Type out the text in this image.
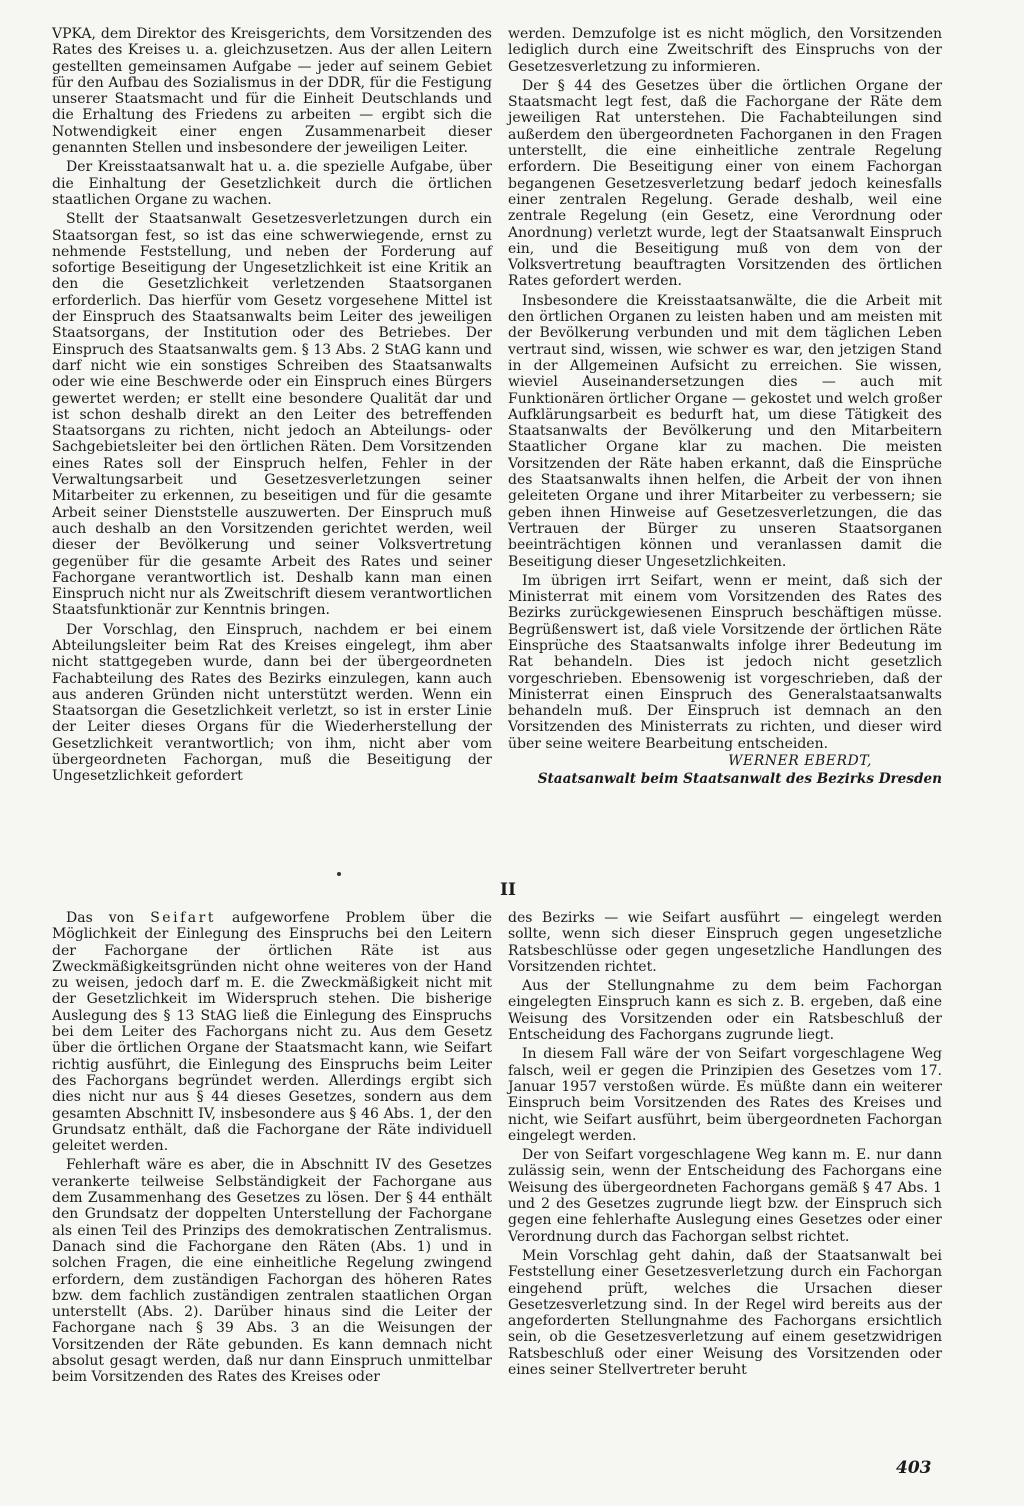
VPKA, dem Direktor des Kreisgerichts, dem Vorsitzenden des Rates des Kreises u. a. gleichzusetzen. Aus der allen Leitern gestellten gemeinsamen Aufgabe — jeder auf seinem Gebiet für den Aufbau des Sozialismus in der DDR, für die Festigung unserer Staatsmacht und für die Einheit Deutschlands und die Erhaltung des Friedens zu arbeiten — ergibt sich die Notwendigkeit einer engen Zusammenarbeit dieser genannten Stellen und insbesondere der jeweiligen Leiter.

Der Kreisstaatsanwalt hat u. a. die spezielle Aufgabe, über die Einhaltung der Gesetzlichkeit durch die örtlichen staatlichen Organe zu wachen.

Stellt der Staatsanwalt Gesetzesverletzungen durch ein Staatsorgan fest, so ist das eine schwerwiegende, ernst zu nehmende Feststellung, und neben der Forderung auf sofortige Beseitigung der Ungesetzlichkeit ist eine Kritik an den die Gesetzlichkeit verletzenden Staatsorganen erforderlich. Das hierfür vom Gesetz vorgesehene Mittel ist der Einspruch des Staatsanwalts beim Leiter des jeweiligen Staatsorgans, der Institution oder des Betriebes. Der Einspruch des Staatsanwalts gem. § 13 Abs. 2 StAG kann und darf nicht wie ein sonstiges Schreiben des Staatsanwalts oder wie eine Beschwerde oder ein Einspruch eines Bürgers gewertet werden; er stellt eine besondere Qualität dar und ist schon deshalb direkt an den Leiter des betreffenden Staatsorgans zu richten, nicht jedoch an Abteilungs- oder Sachgebietsleiter bei den örtlichen Räten. Dem Vorsitzenden eines Rates soll der Einspruch helfen, Fehler in der Verwaltungsarbeit und Gesetzesverletzungen seiner Mitarbeiter zu erkennen, zu beseitigen und für die gesamte Arbeit seiner Dienststelle auszuwerten. Der Einspruch muß auch deshalb an den Vorsitzenden gerichtet werden, weil dieser der Bevölkerung und seiner Volksvertretung gegenüber für die gesamte Arbeit des Rates und seiner Fachorgane verantwortlich ist. Deshalb kann man einen Einspruch nicht nur als Zweitschrift diesem verantwortlichen Staatsfunktionär zur Kenntnis bringen.

Der Vorschlag, den Einspruch, nachdem er bei einem Abteilungsleiter beim Rat des Kreises eingelegt, ihm aber nicht stattgegeben wurde, dann bei der übergeordneten Fachabteilung des Rates des Bezirks einzulegen, kann auch aus anderen Gründen nicht unterstützt werden. Wenn ein Staatsorgan die Gesetzlichkeit verletzt, so ist in erster Linie der Leiter dieses Organs für die Wiederherstellung der Gesetzlichkeit verantwortlich; von ihm, nicht aber vom übergeordneten Fachorgan, muß die Beseitigung der Ungesetzlichkeit gefordert

werden. Demzufolge ist es nicht möglich, den Vorsitzenden lediglich durch eine Zweitschrift des Einspruchs von der Gesetzesverletzung zu informieren.

Der § 44 des Gesetzes über die örtlichen Organe der Staatsmacht legt fest, daß die Fachorgane der Räte dem jeweiligen Rat unterstehen. Die Fachabteilungen sind außerdem den übergeordneten Fachorganen in den Fragen unterstellt, die eine einheitliche zentrale Regelung erfordern. Die Beseitigung einer von einem Fachorgan begangenen Gesetzesverletzung bedarf jedoch keinesfalls einer zentralen Regelung. Gerade deshalb, weil eine zentrale Regelung (ein Gesetz, eine Verordnung oder Anordnung) verletzt wurde, legt der Staatsanwalt Einspruch ein, und die Beseitigung muß von dem von der Volksvertretung beauftragten Vorsitzenden des örtlichen Rates gefordert werden.

Insbesondere die Kreisstaatsanwälte, die die Arbeit mit den örtlichen Organen zu leisten haben und am meisten mit der Bevölkerung verbunden und mit dem täglichen Leben vertraut sind, wissen, wie schwer es war, den jetzigen Stand in der Allgemeinen Aufsicht zu erreichen. Sie wissen, wieviel Auseinandersetzungen dies — auch mit Funktionären örtlicher Organe — gekostet und welch großer Aufklärungsarbeit es bedurft hat, um diese Tätigkeit des Staatsanwalts der Bevölkerung und den Mitarbeitern Staatlicher Organe klar zu machen. Die meisten Vorsitzenden der Räte haben erkannt, daß die Einsprüche des Staatsanwalts ihnen helfen, die Arbeit der von ihnen geleiteten Organe und ihrer Mitarbeiter zu verbessern; sie geben ihnen Hinweise auf Gesetzesverletzungen, die das Vertrauen der Bürger zu unseren Staatsorganen beeinträchtigen können und veranlassen damit die Beseitigung dieser Ungesetzlichkeiten.

Im übrigen irrt Seifart, wenn er meint, daß sich der Ministerrat mit einem vom Vorsitzenden des Rates des Bezirks zurückgewiesenen Einspruch beschäftigen müsse. Begrüßenswert ist, daß viele Vorsitzende der örtlichen Räte Einsprüche des Staatsanwalts infolge ihrer Bedeutung im Rat behandeln. Dies ist jedoch nicht gesetzlich vorgeschrieben. Ebensowenig ist vorgeschrieben, daß der Ministerrat einen Einspruch des Generalstaatsanwalts behandeln muß. Der Einspruch ist demnach an den Vorsitzenden des Ministerrats zu richten, und dieser wird über seine weitere Bearbeitung entscheiden.

WERNER EBERDT,
Staatsanwalt beim Staatsanwalt des Bezirks Dresden
II

Das von Seifart aufgeworfene Problem über die Möglichkeit der Einlegung des Einspruchs bei den Leitern der Fachorgane der örtlichen Räte ist aus Zweckmäßigkeitsgründen nicht ohne weiteres von der Hand zu weisen, jedoch darf m. E. die Zweckmäßigkeit nicht mit der Gesetzlichkeit im Widerspruch stehen. Die bisherige Auslegung des § 13 StAG ließ die Einlegung des Einspruchs bei dem Leiter des Fachorgans nicht zu. Aus dem Gesetz über die örtlichen Organe der Staatsmacht kann, wie Seifart richtig ausführt, die Einlegung des Einspruchs beim Leiter des Fachorgans begründet werden. Allerdings ergibt sich dies nicht nur aus § 44 dieses Gesetzes, sondern aus dem gesamten Abschnitt IV, insbesondere aus § 46 Abs. 1, der den Grundsatz enthält, daß die Fachorgane der Räte individuell geleitet werden.

Fehlerhaft wäre es aber, die in Abschnitt IV des Gesetzes verankerte teilweise Selbständigkeit der Fachorgane aus dem Zusammenhang des Gesetzes zu lösen. Der § 44 enthält den Grundsatz der doppelten Unterstellung der Fachorgane als einen Teil des Prinzips des demokratischen Zentralismus. Danach sind die Fachorgane den Räten (Abs. 1) und in solchen Fragen, die eine einheitliche Regelung zwingend erfordern, dem zuständigen Fachorgan des höheren Rates bzw. dem fachlich zuständigen zentralen staatlichen Organ unterstellt (Abs. 2). Darüber hinaus sind die Leiter der Fachorgane nach § 39 Abs. 3 an die Weisungen der Vorsitzenden der Räte gebunden. Es kann demnach nicht absolut gesagt werden, daß nur dann Einspruch unmittelbar beim Vorsitzenden des Rates des Kreises oder

des Bezirks — wie Seifart ausführt — eingelegt werden sollte, wenn sich dieser Einspruch gegen ungesetzliche Ratsbeschlüsse oder gegen ungesetzliche Handlungen des Vorsitzenden richtet.

Aus der Stellungnahme zu dem beim Fachorgan eingelegten Einspruch kann es sich z. B. ergeben, daß eine Weisung des Vorsitzenden oder ein Ratsbeschluß der Entscheidung des Fachorgans zugrunde liegt.

In diesem Fall wäre der von Seifart vorgeschlagene Weg falsch, weil er gegen die Prinzipien des Gesetzes vom 17. Januar 1957 verstoßen würde. Es müßte dann ein weiterer Einspruch beim Vorsitzenden des Rates des Kreises und nicht, wie Seifart ausführt, beim übergeordneten Fachorgan eingelegt werden.

Der von Seifart vorgeschlagene Weg kann m. E. nur dann zulässig sein, wenn der Entscheidung des Fachorgans eine Weisung des übergeordneten Fachorgans gemäß § 47 Abs. 1 und 2 des Gesetzes zugrunde liegt bzw. der Einspruch sich gegen eine fehlerhafte Auslegung eines Gesetzes oder einer Verordnung durch das Fachorgan selbst richtet.

Mein Vorschlag geht dahin, daß der Staatsanwalt bei Feststellung einer Gesetzesverletzung durch ein Fachorgan eingehend prüft, welches die Ursachen dieser Gesetzesverletzung sind. In der Regel wird bereits aus der angeforderten Stellungnahme des Fachorgans ersichtlich sein, ob die Gesetzesverletzung auf einem gesetzwidrigen Ratsbeschluß oder einer Weisung des Vorsitzenden oder eines seiner Stellvertreter beruht

403
